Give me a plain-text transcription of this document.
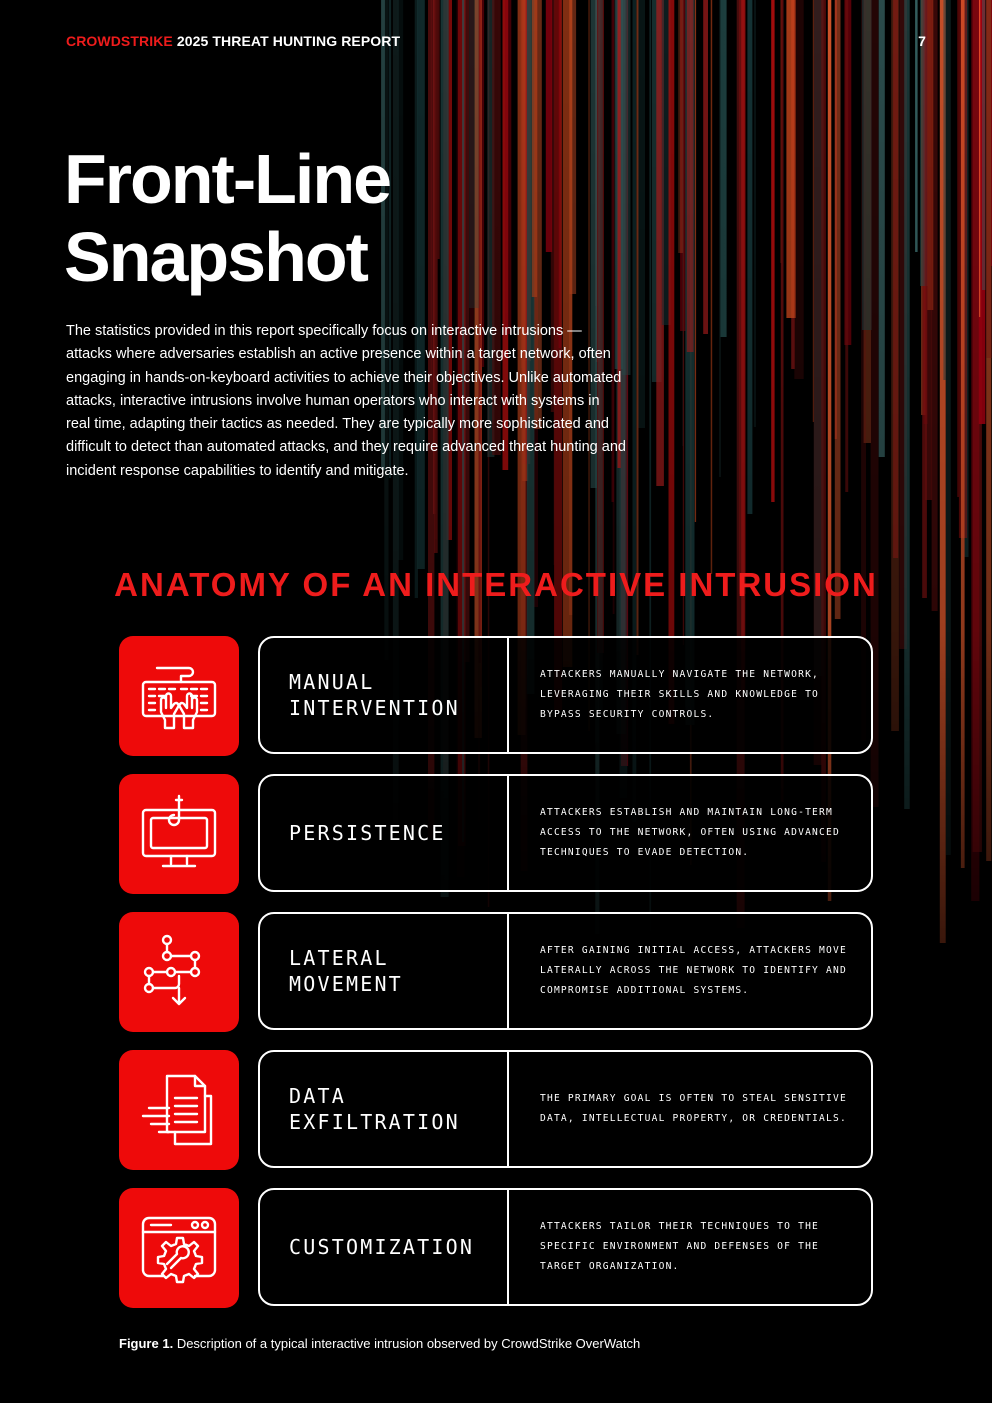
CROWDSTRIKE 2025 THREAT HUNTING REPORT	7
Front-Line
Snapshot

The statistics provided in this report specifically focus on interactive intrusions — attacks where adversaries establish an active presence within a target network, often engaging in hands-on-keyboard activities to achieve their objectives. Unlike automated attacks, interactive intrusions involve human operators who interact with systems in real time, adapting their tactics as needed. They are typically more sophisticated and difficult to detect than automated attacks, and they require advanced threat hunting and incident response capabilities to identify and mitigate.

ANATOMY OF AN INTERACTIVE INTRUSION
MANUAL
INTERVENTION
ATTACKERS MANUALLY NAVIGATE THE NETWORK, LEVERAGING THEIR SKILLS AND KNOWLEDGE TO BYPASS SECURITY CONTROLS.
PERSISTENCE
ATTACKERS ESTABLISH AND MAINTAIN LONG-TERM ACCESS TO THE NETWORK, OFTEN USING ADVANCED TECHNIQUES TO EVADE DETECTION.
LATERAL
MOVEMENT
AFTER GAINING INITIAL ACCESS, ATTACKERS MOVE LATERALLY ACROSS THE NETWORK TO IDENTIFY AND COMPROMISE ADDITIONAL SYSTEMS.
DATA
EXFILTRATION
THE PRIMARY GOAL IS OFTEN TO STEAL SENSITIVE DATA, INTELLECTUAL PROPERTY, OR CREDENTIALS.
CUSTOMIZATION
ATTACKERS TAILOR THEIR TECHNIQUES TO THE SPECIFIC ENVIRONMENT AND DEFENSES OF THE TARGET ORGANIZATION.
Figure 1. Description of a typical interactive intrusion observed by CrowdStrike OverWatch
